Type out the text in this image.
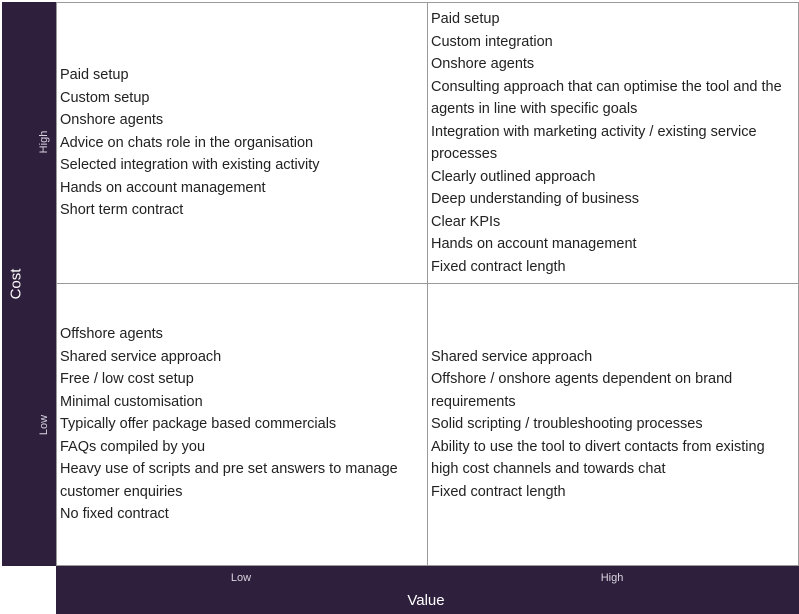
High
Cost
Low
Paid setup
Custom setup
Onshore agents
Advice on chats role in the organisation
Selected integration with existing activity
Hands on account management
Short term contract
Paid setup
Custom integration
Onshore agents
Consulting approach that can optimise the tool and the
agents in line with specific goals
Integration with marketing activity / existing service
processes
Clearly outlined approach
Deep understanding of business
Clear KPIs
Hands on account management
Fixed contract length
Offshore agents
Shared service approach
Free / low cost setup
Minimal customisation
Typically offer package based commercials
FAQs compiled by you
Heavy use of scripts and pre set answers to manage
customer enquiries
No fixed contract
Shared service approach
Offshore / onshore agents dependent on brand
requirements
Solid scripting / troubleshooting processes
Ability to use the tool to divert contacts from existing
high cost channels and towards chat
Fixed contract length
Low	High
Value
